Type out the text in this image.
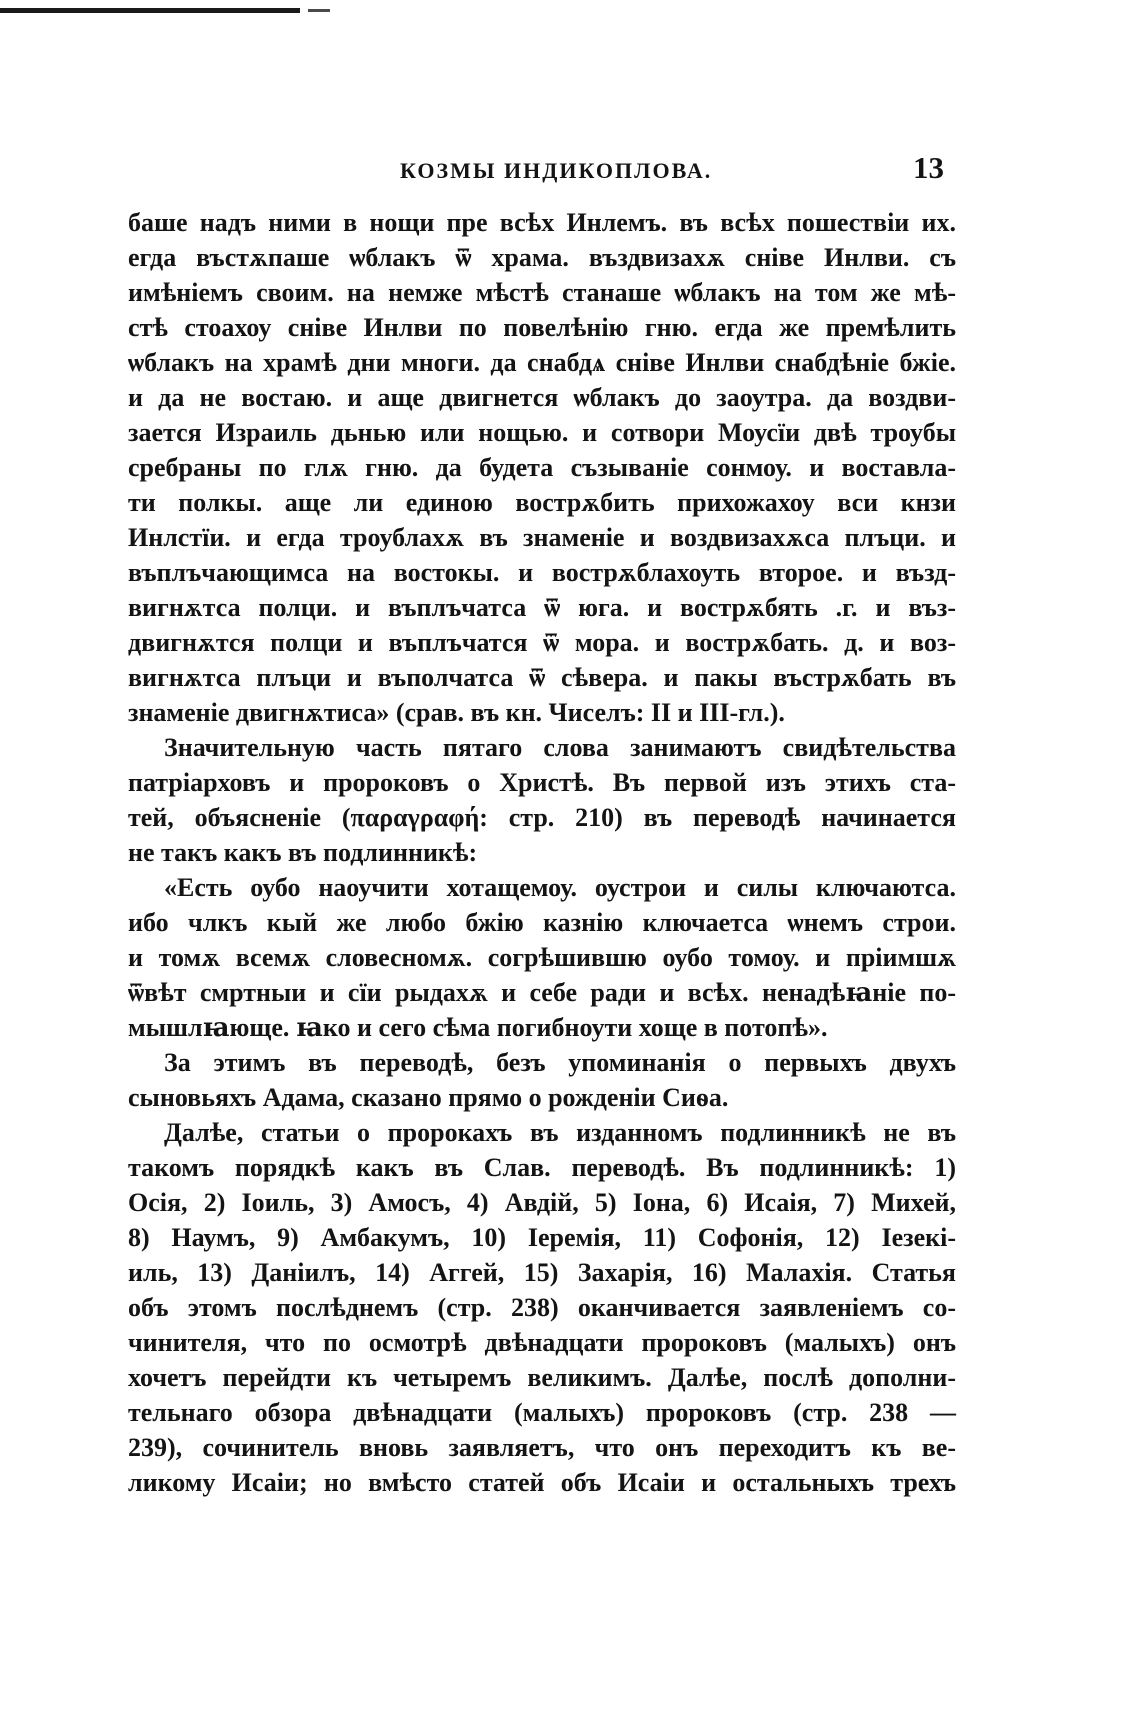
КОЗМЫ ИНДИКОПЛОВА.	13

баше надъ ними в нощи пре всѣх Инлемъ. въ всѣх пошествіи их.
егда въстѫпаше ѡблакъ ѿ храма. въздвизахѫ сніве Инлви. съ
имѣніемъ своим. на немже мѣстѣ станаше ѡблакъ на том же мѣ-
стѣ стоахоу сніве Инлви по повелѣнію гню. егда же премѣлить
ѡблакъ на храмѣ дни многи. да снабдѧ сніве Инлви снабдѣніе бжіе.
и да не востаю. и аще двигнется ѡблакъ до заоутра. да воздви-
зается Израиль дьнью или нощью. и сотвори Моусїи двѣ троубы
сребраны по глѫ гню. да будета съзываніе сонмоу. и воставла-
ти полкы. аще ли единою вострѫбить прихожахоу вси кнзи
Инлстїи. и егда троублахѫ въ знаменіе и воздвизахѫса плъци. и
въплъчающимса на востокы. и вострѫблахоуть второе. и възд-
вигнѫтса полци. и въплъчатса ѿ юга. и вострѫбять .г. и въз-
двигнѫтся полци и въплъчатся ѿ мора. и вострѫбать. д. и воз-
вигнѫтса плъци и въполчатса ѿ сѣвера. и пакы въстрѫбать въ
знаменіе двигнѫтиса» (срав. въ кн. Чиселъ: II и III-гл.).

Значительную часть пятаго слова занимаютъ свидѣтельства
патріарховъ и пророковъ о Христѣ. Въ первой изъ этихъ ста-
тей, объясненіе (παραγραφή: стр. 210) въ переводѣ начинается
не такъ какъ въ подлинникѣ:

«Есть оубо наоучити хотащемоу. оустрои и силы ключаютса.
ибо члкъ кый же любо бжію казнію ключаетса ѡнемъ строи.
и томѫ всемѫ словесномѫ. согрѣшившю оубо томоу. и пріимшѫ
ѿвѣт смртныи и сїи рыдахѫ и себе ради и всѣх. ненадѣꙗніе по-
мышлꙗюще. ꙗко и сего сѣма погибноути хоще в потопѣ».

За этимъ въ переводѣ, безъ упоминанія о первыхъ двухъ
сыновьяхъ Адама, сказано прямо о рожденіи Сиѳа.

Далѣе, статьи о пророкахъ въ изданномъ подлинникѣ не въ
такомъ порядкѣ какъ въ Слав. переводѣ. Въ подлинникѣ: 1)
Осія, 2) Іоиль, 3) Амосъ, 4) Авдій, 5) Іона, 6) Исаія, 7) Михей,
8) Наумъ, 9) Амбакумъ, 10) Іеремія, 11) Софонія, 12) Іезекі-
иль, 13) Даніилъ, 14) Аггей, 15) Захарія, 16) Малахія. Статья
объ этомъ послѣднемъ (стр. 238) оканчивается заявленіемъ со-
чинителя, что по осмотрѣ двѣнадцати пророковъ (малыхъ) онъ
хочетъ перейдти къ четыремъ великимъ. Далѣе, послѣ дополни-
тельнаго обзора двѣнадцати (малыхъ) пророковъ (стр. 238 —
239), сочинитель вновь заявляетъ, что онъ переходитъ къ ве-
ликому Исаіи; но вмѣсто статей объ Исаіи и остальныхъ трехъ
